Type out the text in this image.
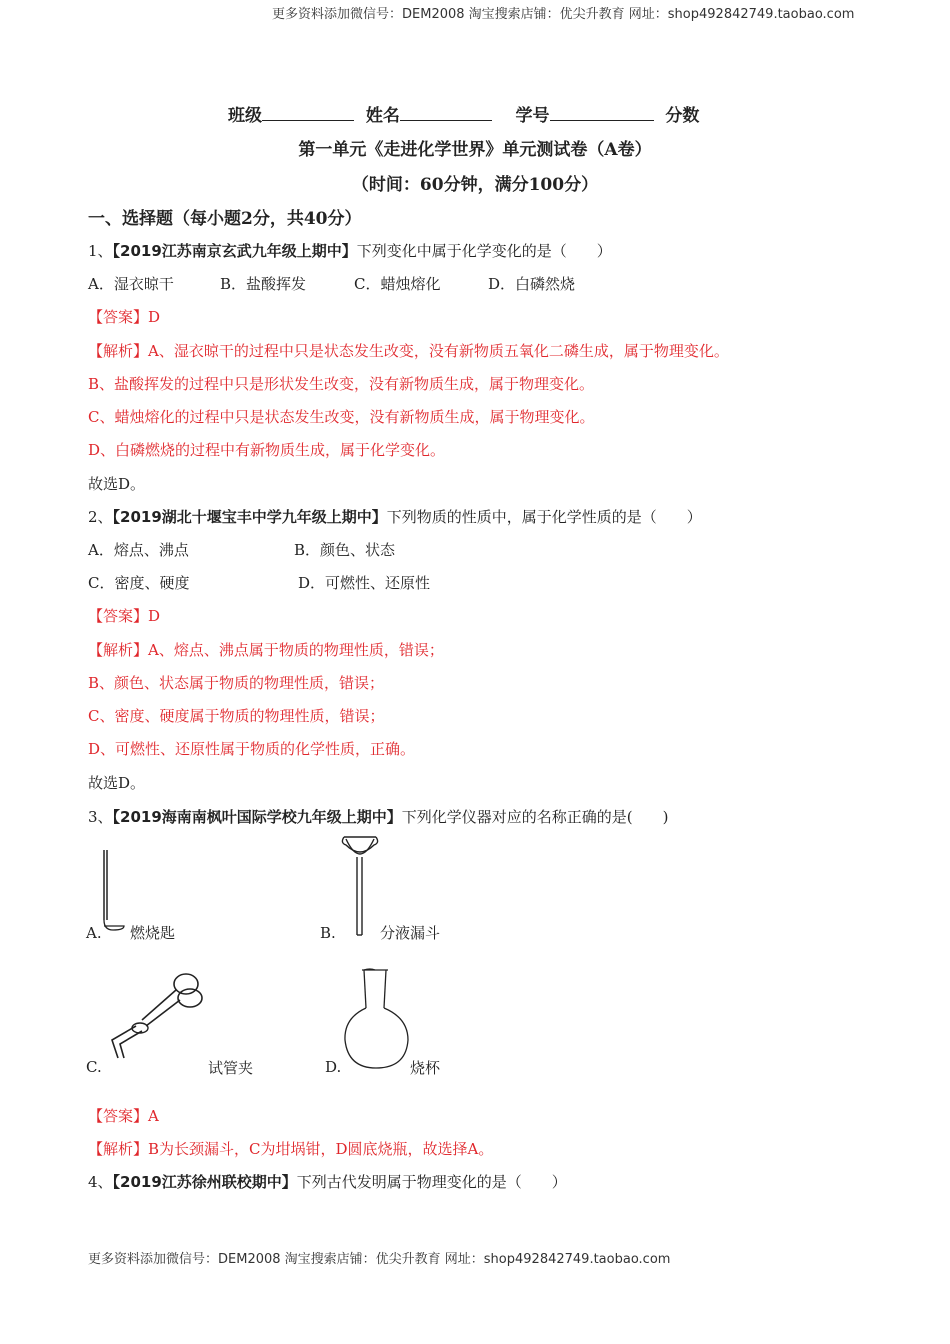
更多资料添加微信号：DEM2008 淘宝搜索店铺：优尖升教育 网址：shop492842749.taobao.com
班级	姓名	学号	分数
第一单元《走进化学世界》单元测试卷（A卷）
（时间：60分钟，满分100分）
一、选择题（每小题2分，共40分）
1、【2019江苏南京玄武九年级上期中】下列变化中属于化学变化的是（　　）
A．湿衣晾干	B．盐酸挥发	C．蜡烛熔化	D．白磷然烧
【答案】D
【解析】A、湿衣晾干的过程中只是状态发生改变，没有新物质五氧化二磷生成，属于物理变化。
B、盐酸挥发的过程中只是形状发生改变，没有新物质生成，属于物理变化。
C、蜡烛熔化的过程中只是状态发生改变，没有新物质生成，属于物理变化。
D、白磷燃烧的过程中有新物质生成，属于化学变化。
故选D。
2、【2019湖北十堰宝丰中学九年级上期中】下列物质的性质中，属于化学性质的是（　　）
A．熔点、沸点	B．颜色、状态
C．密度、硬度	D．可燃性、还原性
【答案】D
【解析】A、熔点、沸点属于物质的物理性质，错误；
B、颜色、状态属于物质的物理性质，错误；
C、密度、硬度属于物质的物理性质，错误；
D、可燃性、还原性属于物质的化学性质，正确。
故选D。
3、【2019海南南枫叶国际学校九年级上期中】下列化学仪器对应的名称正确的是(　　)
A. 燃烧匙	B.	分液漏斗
C.	试管夹	D.	烧杯
【答案】A
【解析】B为长颈漏斗，C为坩埚钳，D圆底烧瓶，故选择A。
4、【2019江苏徐州联校期中】下列古代发明属于物理变化的是（　　）
更多资料添加微信号：DEM2008 淘宝搜索店铺：优尖升教育 网址：shop492842749.taobao.com
